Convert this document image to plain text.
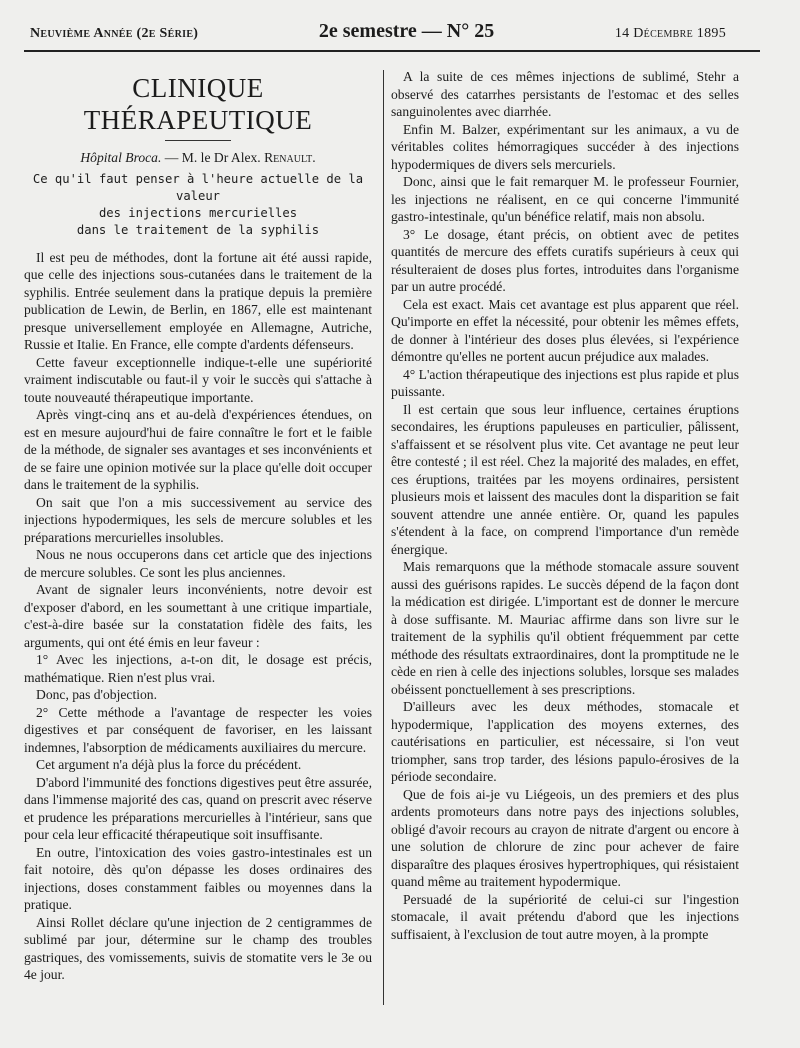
Neuvième Année (2e Série)	2e semestre — N° 25	14 Décembre 1895
CLINIQUE THÉRAPEUTIQUE
Hôpital Broca. — M. le Dr Alex. Renault.
Ce qu'il faut penser à l'heure actuelle de la valeur
des injections mercurielles
dans le traitement de la syphilis

Il est peu de méthodes, dont la fortune ait été aussi rapide, que celle des injections sous-cutanées dans le traitement de la syphilis. Entrée seulement dans la pratique depuis la première publication de Lewin, de Berlin, en 1867, elle est maintenant presque universellement employée en Allemagne, Autriche, Russie et Italie. En France, elle compte d'ardents défenseurs.

Cette faveur exceptionnelle indique-t-elle une supériorité vraiment indiscutable ou faut-il y voir le succès qui s'attache à toute nouveauté thérapeutique importante.

Après vingt-cinq ans et au-delà d'expériences étendues, on est en mesure aujourd'hui de faire connaître le fort et le faible de la méthode, de signaler ses avantages et ses inconvénients et de se faire une opinion motivée sur la place qu'elle doit occuper dans le traitement de la syphilis.

On sait que l'on a mis successivement au service des injections hypodermiques, les sels de mercure solubles et les préparations mercurielles insolubles.

Nous ne nous occuperons dans cet article que des injections de mercure solubles. Ce sont les plus anciennes.

Avant de signaler leurs inconvénients, notre devoir est d'exposer d'abord, en les soumettant à une critique impartiale, c'est-à-dire basée sur la constatation fidèle des faits, les arguments, qui ont été émis en leur faveur :

1° Avec les injections, a-t-on dit, le dosage est précis, mathématique. Rien n'est plus vrai.

Donc, pas d'objection.

2° Cette méthode a l'avantage de respecter les voies digestives et par conséquent de favoriser, en les laissant indemnes, l'absorption de médicaments auxiliaires du mercure.

Cet argument n'a déjà plus la force du précédent.

D'abord l'immunité des fonctions digestives peut être assurée, dans l'immense majorité des cas, quand on prescrit avec réserve et prudence les préparations mercurielles à l'intérieur, sans que pour cela leur efficacité thérapeutique soit insuffisante.

En outre, l'intoxication des voies gastro-intestinales est un fait notoire, dès qu'on dépasse les doses ordinaires des injections, doses constamment faibles ou moyennes dans la pratique.

Ainsi Rollet déclare qu'une injection de 2 centigrammes de sublimé par jour, détermine sur le champ des troubles gastriques, des vomissements, suivis de stomatite vers le 3e ou 4e jour.

A la suite de ces mêmes injections de sublimé, Stehr a observé des catarrhes persistants de l'estomac et des selles sanguinolentes avec diarrhée.

Enfin M. Balzer, expérimentant sur les animaux, a vu de véritables colites hémorragiques succéder à des injections hypodermiques de divers sels mercuriels.

Donc, ainsi que le fait remarquer M. le professeur Fournier, les injections ne réalisent, en ce qui concerne l'immunité gastro-intestinale, qu'un bénéfice relatif, mais non absolu.

3° Le dosage, étant précis, on obtient avec de petites quantités de mercure des effets curatifs supérieurs à ceux qui résulteraient de doses plus fortes, introduites dans l'organisme par un autre procédé.

Cela est exact. Mais cet avantage est plus apparent que réel. Qu'importe en effet la nécessité, pour obtenir les mêmes effets, de donner à l'intérieur des doses plus élevées, si l'expérience démontre qu'elles ne portent aucun préjudice aux malades.

4° L'action thérapeutique des injections est plus rapide et plus puissante.

Il est certain que sous leur influence, certaines éruptions secondaires, les éruptions papuleuses en particulier, pâlissent, s'affaissent et se résolvent plus vite. Cet avantage ne peut leur être contesté ; il est réel. Chez la majorité des malades, en effet, ces éruptions, traitées par les moyens ordinaires, persistent plusieurs mois et laissent des macules dont la disparition se fait souvent attendre une année entière. Or, quand les papules s'étendent à la face, on comprend l'importance d'un remède énergique.

Mais remarquons que la méthode stomacale assure souvent aussi des guérisons rapides. Le succès dépend de la façon dont la médication est dirigée. L'important est de donner le mercure à dose suffisante. M. Mauriac affirme dans son livre sur le traitement de la syphilis qu'il obtient fréquemment par cette méthode des résultats extraordinaires, dont la promptitude ne le cède en rien à celle des injections solubles, lorsque ses malades obéissent ponctuellement à ses prescriptions.

D'ailleurs avec les deux méthodes, stomacale et hypodermique, l'application des moyens externes, des cautérisations en particulier, est nécessaire, si l'on veut triompher, sans trop tarder, des lésions papulo-érosives de la période secondaire.

Que de fois ai-je vu Liégeois, un des premiers et des plus ardents promoteurs dans notre pays des injections solubles, obligé d'avoir recours au crayon de nitrate d'argent ou encore à une solution de chlorure de zinc pour achever de faire disparaître des plaques érosives hypertrophiques, qui résistaient quand même au traitement hypodermique.

Persuadé de la supériorité de celui-ci sur l'ingestion stomacale, il avait prétendu d'abord que les injections suffisaient, à l'exclusion de tout autre moyen, à la prompte
